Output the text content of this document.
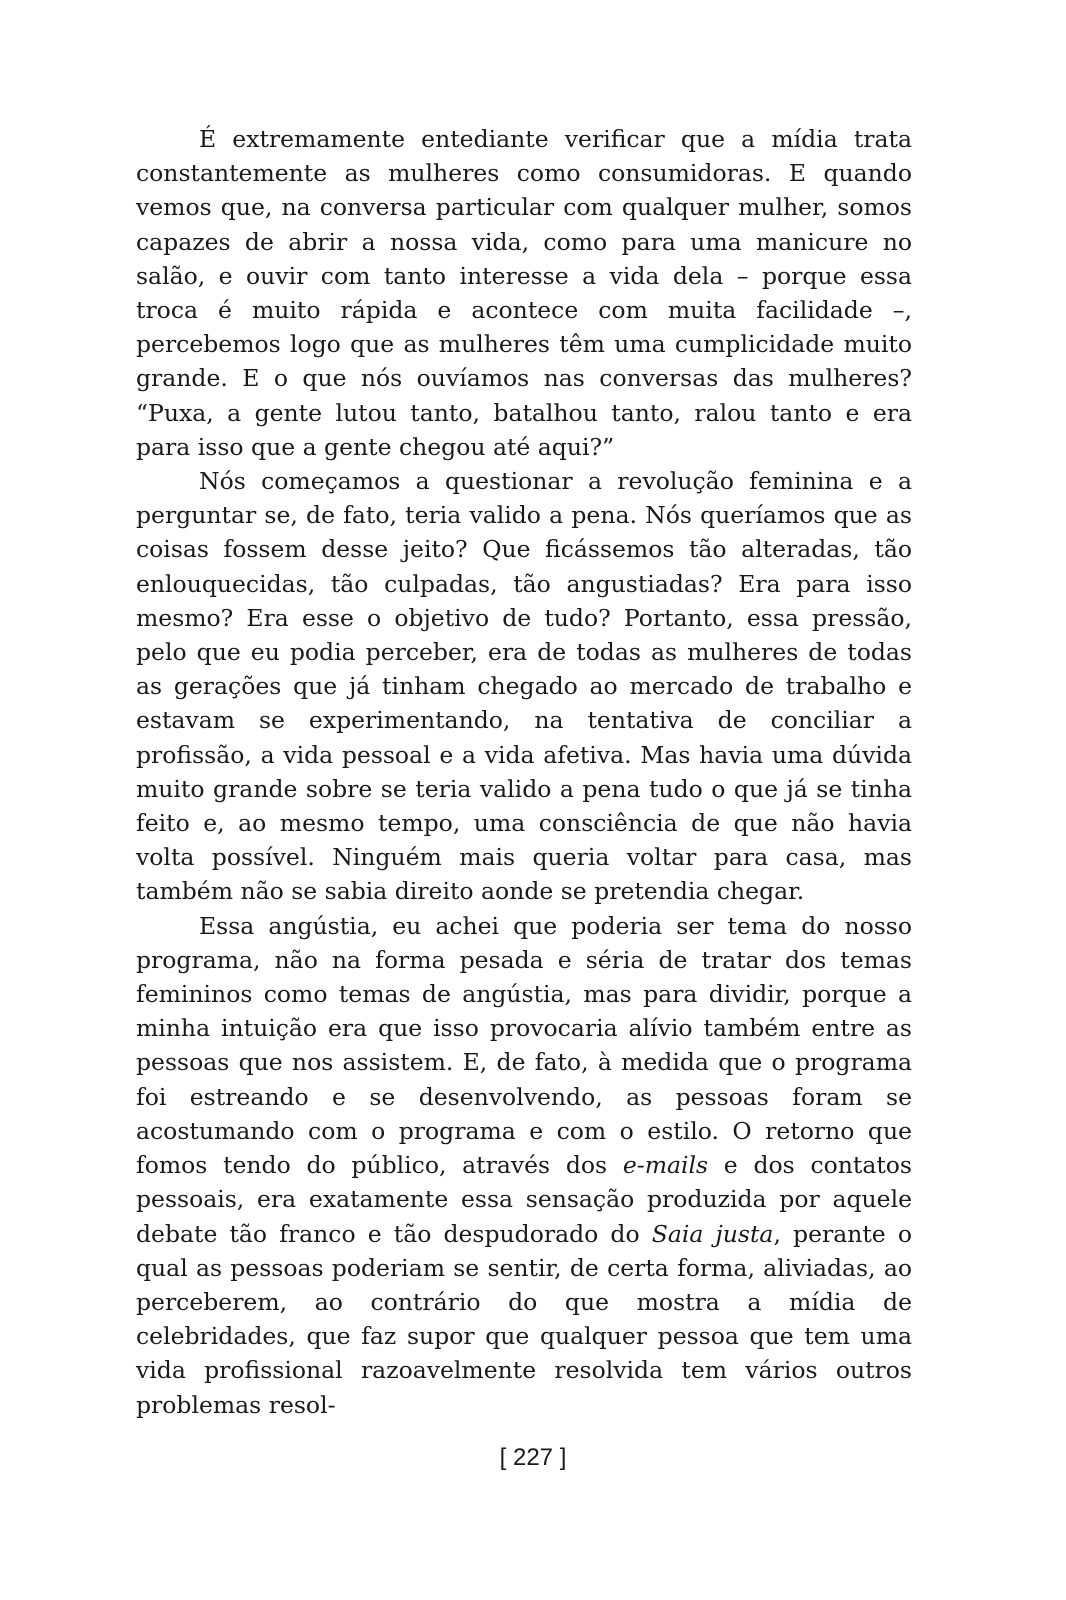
É extremamente entediante verificar que a mídia trata constantemente as mulheres como consumidoras. E quando vemos que, na conversa particular com qualquer mulher, somos capazes de abrir a nossa vida, como para uma manicure no salão, e ouvir com tanto interesse a vida dela – porque essa troca é muito rápida e acontece com muita facilidade –, percebemos logo que as mulheres têm uma cumplicidade muito grande. E o que nós ouvíamos nas conversas das mulheres? “Puxa, a gente lutou tanto, batalhou tanto, ralou tanto e era para isso que a gente chegou até aqui?”

Nós começamos a questionar a revolução feminina e a perguntar se, de fato, teria valido a pena. Nós queríamos que as coisas fossem desse jeito? Que ficássemos tão alteradas, tão enlouquecidas, tão culpadas, tão angustiadas? Era para isso mesmo? Era esse o objetivo de tudo? Portanto, essa pressão, pelo que eu podia perceber, era de todas as mulheres de todas as gerações que já tinham chegado ao mercado de trabalho e estavam se experimentando, na tentativa de conciliar a profissão, a vida pessoal e a vida afetiva. Mas havia uma dúvida muito grande sobre se teria valido a pena tudo o que já se tinha feito e, ao mesmo tempo, uma consciência de que não havia volta possível. Ninguém mais queria voltar para casa, mas também não se sabia direito aonde se pretendia chegar.

Essa angústia, eu achei que poderia ser tema do nosso programa, não na forma pesada e séria de tratar dos temas femininos como temas de angústia, mas para dividir, porque a minha intuição era que isso provocaria alívio também entre as pessoas que nos assistem. E, de fato, à medida que o programa foi estreando e se desenvolvendo, as pessoas foram se acostumando com o programa e com o estilo. O retorno que fomos tendo do público, através dos e-mails e dos contatos pessoais, era exatamente essa sensação produzida por aquele debate tão franco e tão despudorado do Saia justa, perante o qual as pessoas poderiam se sentir, de certa forma, aliviadas, ao perceberem, ao contrário do que mostra a mídia de celebridades, que faz supor que qualquer pessoa que tem uma vida profissional razoavelmente resolvida tem vários outros problemas resol-

[ 227 ]
